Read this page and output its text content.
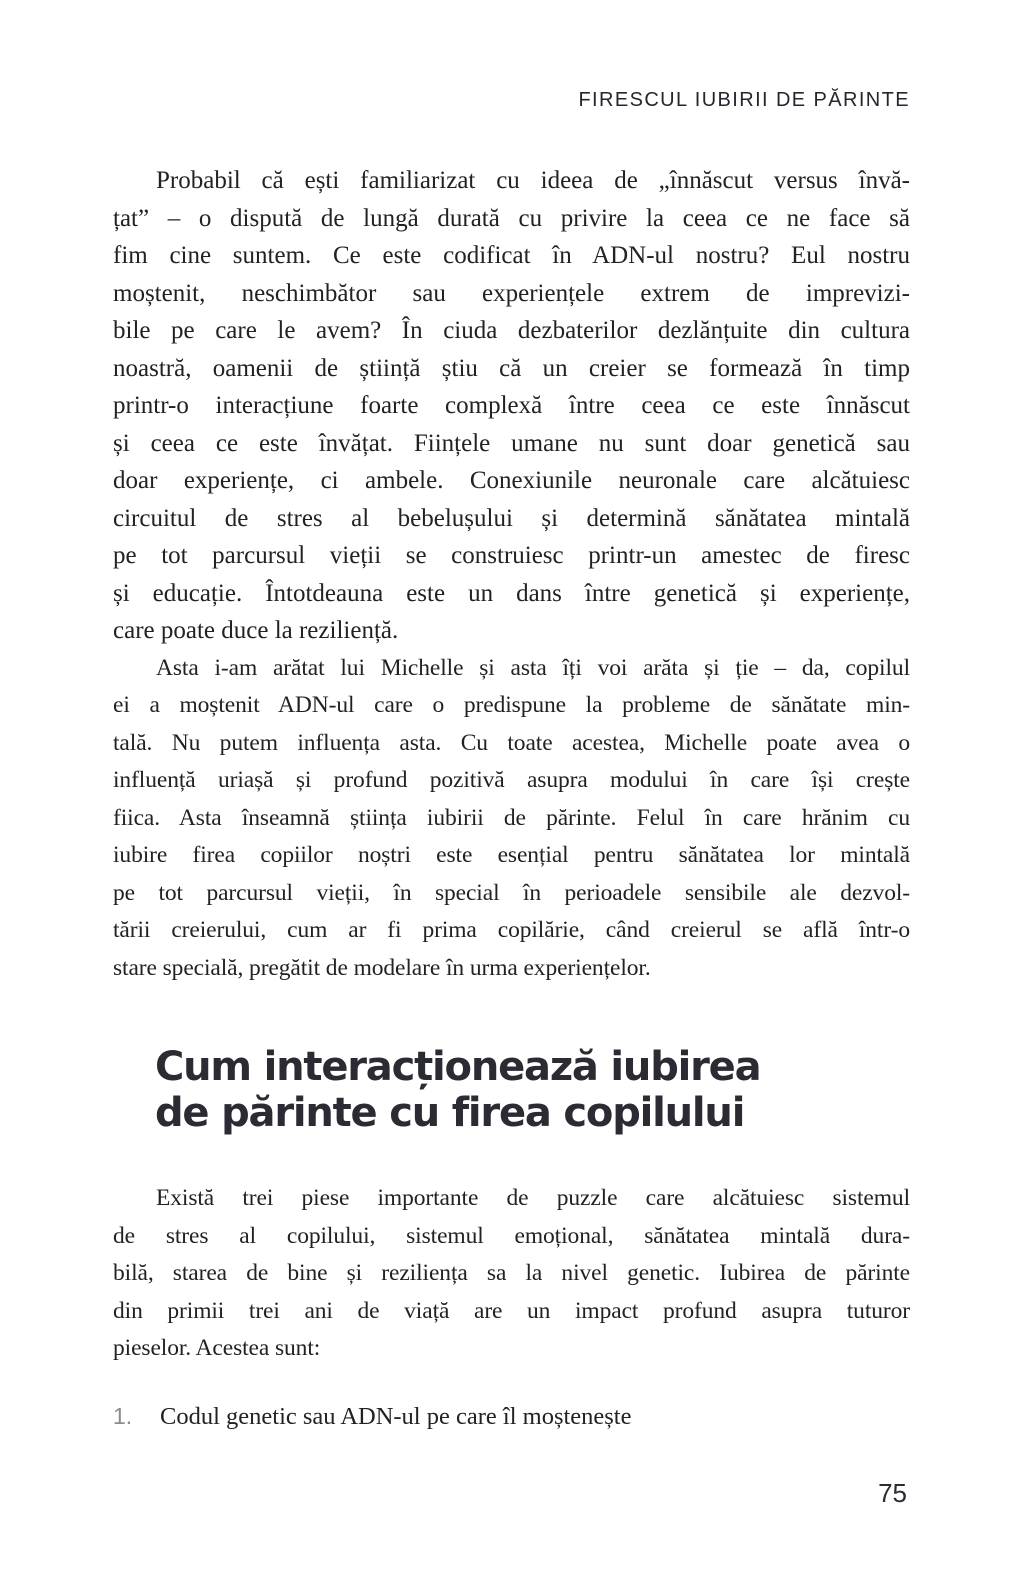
FIRESCUL IUBIRII DE PĂRINTE
Probabil că ești familiarizat cu ideea de „înnăscut versus învă-
țat” – o dispută de lungă durată cu privire la ceea ce ne face să
fim cine suntem. Ce este codificat în ADN-ul nostru? Eul nostru
moștenit, neschimbător sau experiențele extrem de imprevizi-
bile pe care le avem? În ciuda dezbaterilor dezlănțuite din cultura
noastră, oamenii de știință știu că un creier se formează în timp
printr-o interacțiune foarte complexă între ceea ce este înnăscut
și ceea ce este învățat. Ființele umane nu sunt doar genetică sau
doar experiențe, ci ambele. Conexiunile neuronale care alcătuiesc
circuitul de stres al bebelușului și determină sănătatea mintală
pe tot parcursul vieții se construiesc printr-un amestec de firesc
și educație. Întotdeauna este un dans între genetică și experiențe,
care poate duce la reziliență.
Asta i-am arătat lui Michelle și asta îți voi arăta și ție – da, copilul
ei a moștenit ADN-ul care o predispune la probleme de sănătate min-
tală. Nu putem influența asta. Cu toate acestea, Michelle poate avea o
influență uriașă și profund pozitivă asupra modului în care își crește
fiica. Asta înseamnă știința iubirii de părinte. Felul în care hrănim cu
iubire firea copiilor noștri este esențial pentru sănătatea lor mintală
pe tot parcursul vieții, în special în perioadele sensibile ale dezvol-
tării creierului, cum ar fi prima copilărie, când creierul se află într-o
stare specială, pregătit de modelare în urma experiențelor.
Cum interacționează iubirea
de părinte cu firea copilului
Există trei piese importante de puzzle care alcătuiesc sistemul
de stres al copilului, sistemul emoțional, sănătatea mintală dura-
bilă, starea de bine și reziliența sa la nivel genetic. Iubirea de părinte
din primii trei ani de viață are un impact profund asupra tuturor
pieselor. Acestea sunt:
1.	Codul genetic sau ADN-ul pe care îl moștenește
75
